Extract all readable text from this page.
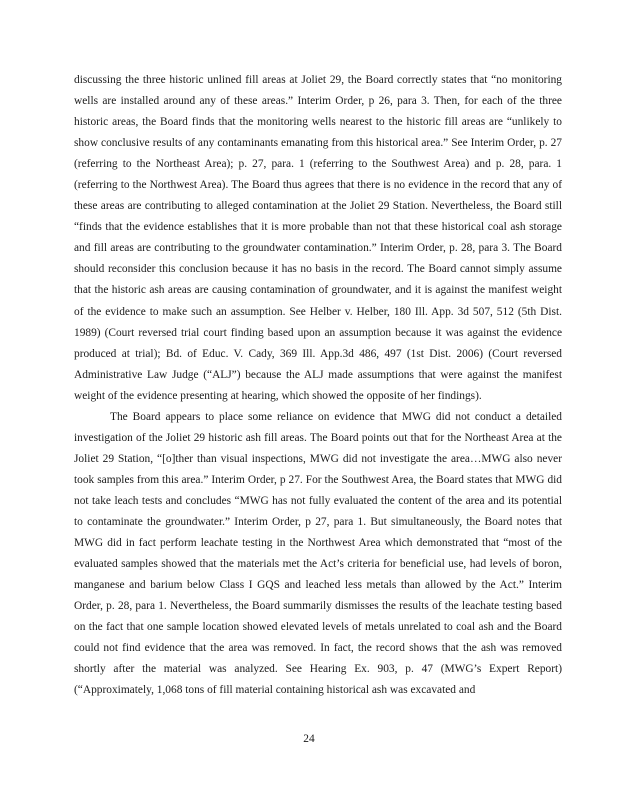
discussing the three historic unlined fill areas at Joliet 29, the Board correctly states that “no monitoring wells are installed around any of these areas.” Interim Order, p 26, para 3. Then, for each of the three historic areas, the Board finds that the monitoring wells nearest to the historic fill areas are “unlikely to show conclusive results of any contaminants emanating from this historical area.” See Interim Order, p. 27 (referring to the Northeast Area); p. 27, para. 1 (referring to the Southwest Area) and p. 28, para. 1 (referring to the Northwest Area). The Board thus agrees that there is no evidence in the record that any of these areas are contributing to alleged contamination at the Joliet 29 Station. Nevertheless, the Board still “finds that the evidence establishes that it is more probable than not that these historical coal ash storage and fill areas are contributing to the groundwater contamination.” Interim Order, p. 28, para 3. The Board should reconsider this conclusion because it has no basis in the record. The Board cannot simply assume that the historic ash areas are causing contamination of groundwater, and it is against the manifest weight of the evidence to make such an assumption. See Helber v. Helber, 180 Ill. App. 3d 507, 512 (5th Dist. 1989) (Court reversed trial court finding based upon an assumption because it was against the evidence produced at trial); Bd. of Educ. V. Cady, 369 Ill. App.3d 486, 497 (1st Dist. 2006) (Court reversed Administrative Law Judge (“ALJ”) because the ALJ made assumptions that were against the manifest weight of the evidence presenting at hearing, which showed the opposite of her findings).

The Board appears to place some reliance on evidence that MWG did not conduct a detailed investigation of the Joliet 29 historic ash fill areas. The Board points out that for the Northeast Area at the Joliet 29 Station, “[o]ther than visual inspections, MWG did not investigate the area…MWG also never took samples from this area.” Interim Order, p 27. For the Southwest Area, the Board states that MWG did not take leach tests and concludes “MWG has not fully evaluated the content of the area and its potential to contaminate the groundwater.” Interim Order, p 27, para 1. But simultaneously, the Board notes that MWG did in fact perform leachate testing in the Northwest Area which demonstrated that “most of the evaluated samples showed that the materials met the Act’s criteria for beneficial use, had levels of boron, manganese and barium below Class I GQS and leached less metals than allowed by the Act.” Interim Order, p. 28, para 1. Nevertheless, the Board summarily dismisses the results of the leachate testing based on the fact that one sample location showed elevated levels of metals unrelated to coal ash and the Board could not find evidence that the area was removed. In fact, the record shows that the ash was removed shortly after the material was analyzed. See Hearing Ex. 903, p. 47 (MWG’s Expert Report) (“Approximately, 1,068 tons of fill material containing historical ash was excavated and

24
